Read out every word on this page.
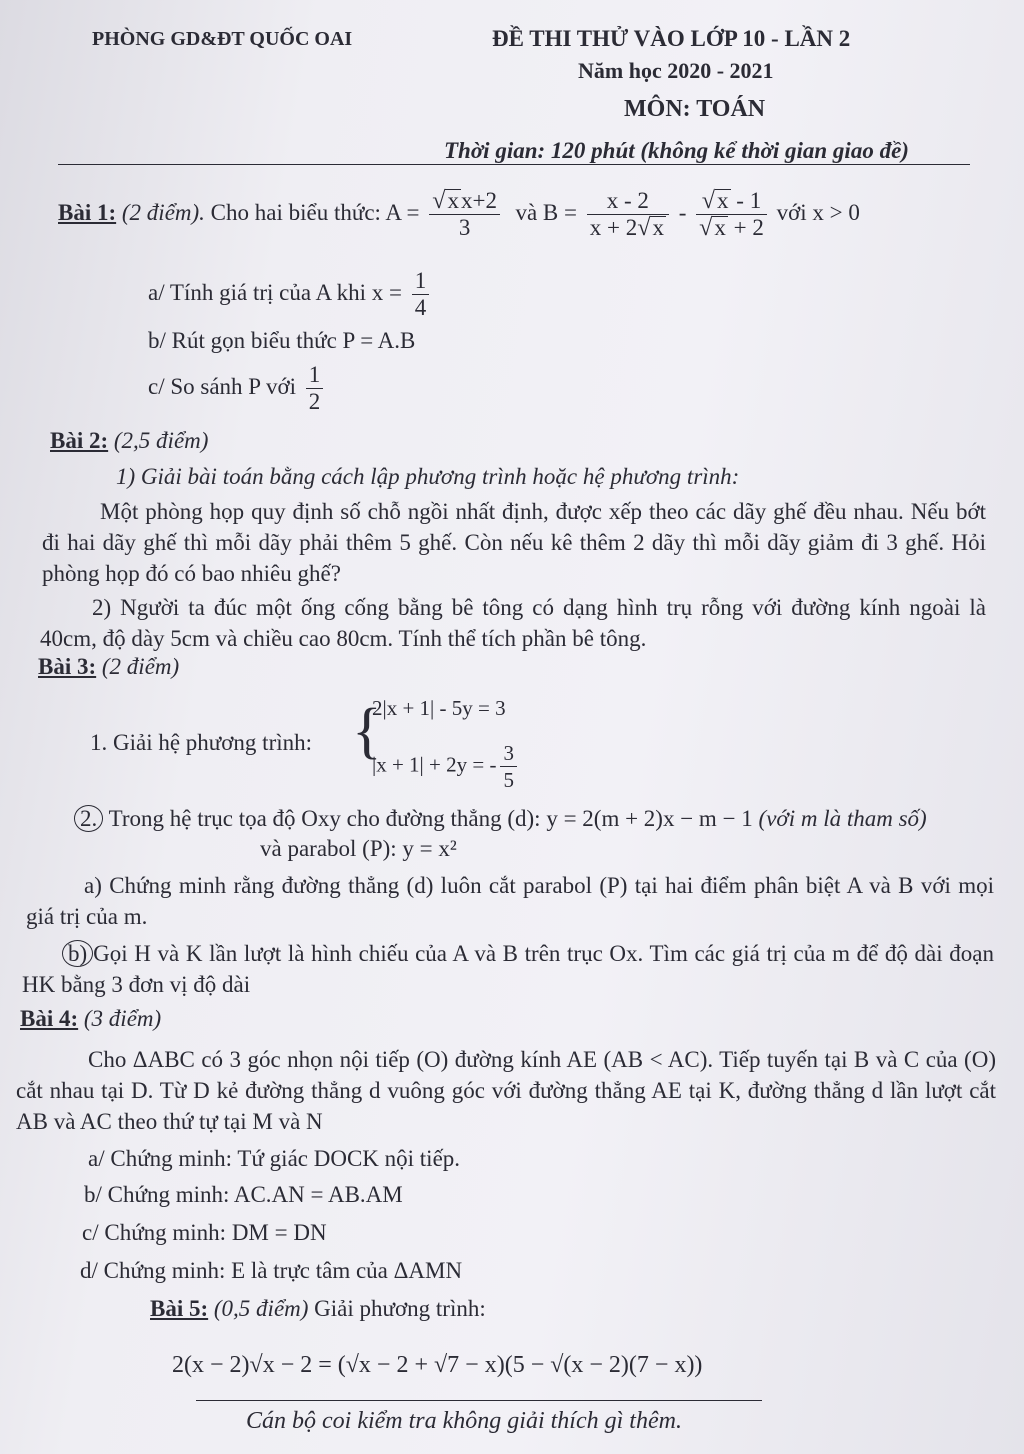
PHÒNG GD&ĐT QUỐC OAI	ĐỀ THI THỬ VÀO LỚP 10 - LẦN 2
Năm học 2020 - 2021
MÔN: TOÁN
Thời gian: 120 phút (không kể thời gian giao đề)
Bài 1: (2 điểm). Cho hai biểu thức: $A = \frac{√xx+2}{3}$ và $B = \frac{x - 2}{x + 2√x} - \frac{√x - 1}{√x + 2}$ với x > 0
a/ Tính giá trị của A khi $x = \frac{1}{4}$
b/ Rút gọn biểu thức P = A.B
c/ So sánh P với $\frac{1}{2}$
Bài 2: (2,5 điểm)
1) Giải bài toán bằng cách lập phương trình hoặc hệ phương trình:
Một phòng họp quy định số chỗ ngồi nhất định, được xếp theo các dãy ghế đều nhau. Nếu bớt đi hai dãy ghế thì mỗi dãy phải thêm 5 ghế. Còn nếu kê thêm 2 dãy thì mỗi dãy giảm đi 3 ghế. Hỏi phòng họp đó có bao nhiêu ghế?
2) Người ta đúc một ống cống bằng bê tông có dạng hình trụ rỗng với đường kính ngoài là 40cm, độ dày 5cm và chiều cao 80cm. Tính thể tích phần bê tông.
Bài 3: (2 điểm)
1. Giải hệ phương trình: {
2|x + 1| - 5y = 3
|x + 1| + 2y = - $\frac{3}{5}$
2. Trong hệ trục tọa độ Oxy cho đường thẳng (d): y = 2(m + 2)x − m − 1 (với m là tham số)
và parabol (P): y = x²
a) Chứng minh rằng đường thẳng (d) luôn cắt parabol (P) tại hai điểm phân biệt A và B với mọi giá trị của m.
b) Gọi H và K lần lượt là hình chiếu của A và B trên trục Ox. Tìm các giá trị của m để độ dài đoạn HK bằng 3 đơn vị độ dài
Bài 4: (3 điểm)
Cho ΔABC có 3 góc nhọn nội tiếp (O) đường kính AE (AB < AC). Tiếp tuyến tại B và C của (O) cắt nhau tại D. Từ D kẻ đường thẳng d vuông góc với đường thẳng AE tại K, đường thẳng d lần lượt cắt AB và AC theo thứ tự tại M và N
a/ Chứng minh: Tứ giác DOCK nội tiếp.
b/ Chứng minh: AC.AN = AB.AM
c/ Chứng minh: DM = DN
d/ Chứng minh: E là trực tâm của ΔAMN
Bài 5: (0,5 điểm) Giải phương trình:
2(x − 2)√x − 2 = (√x − 2 + √7 − x)(5 − √(x − 2)(7 − x))
Cán bộ coi kiểm tra không giải thích gì thêm.
